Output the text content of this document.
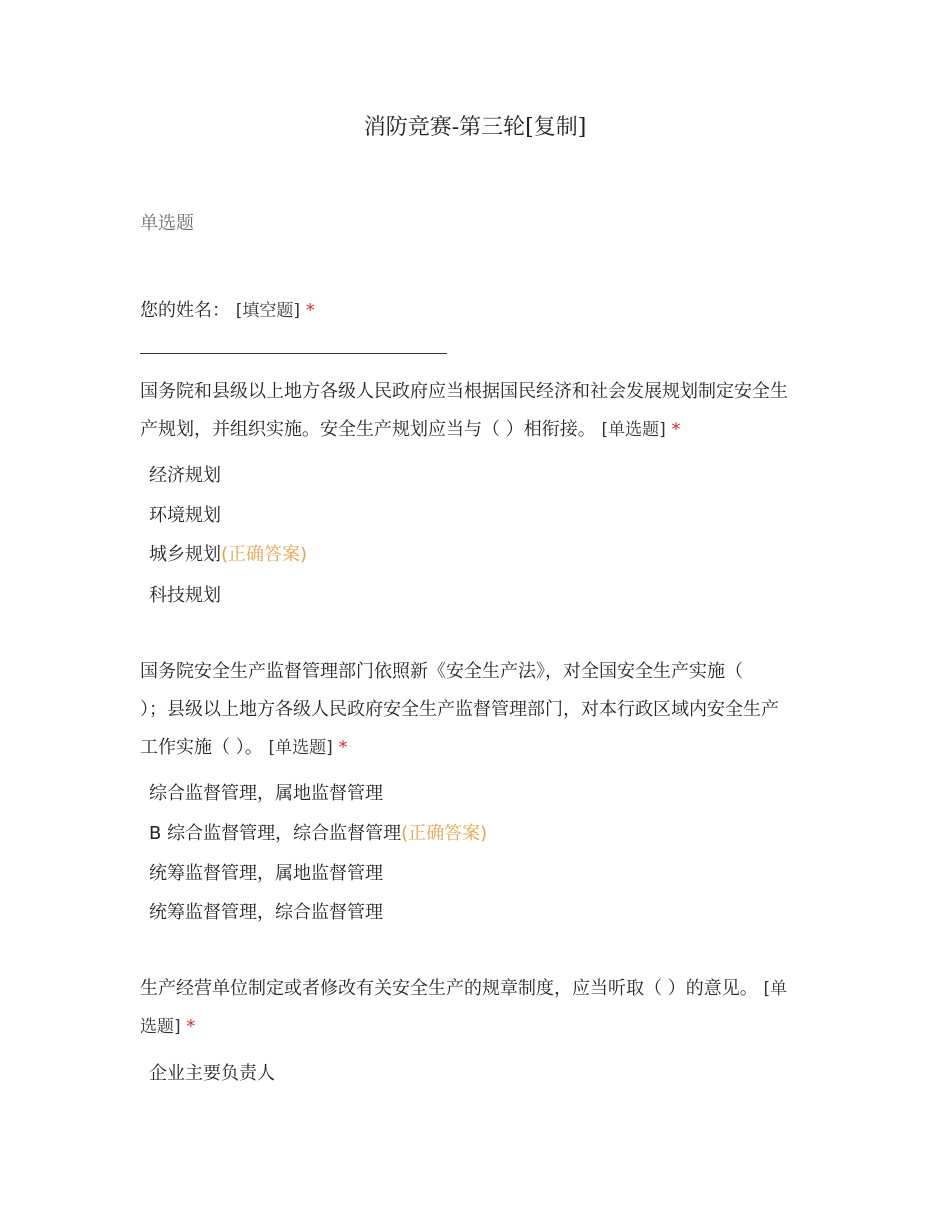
消防竞赛-第三轮[复制]
单选题
您的姓名： [填空题] *
国务院和县级以上地方各级人民政府应当根据国民经济和社会发展规划制定安全生
产规划，并组织实施。安全生产规划应当与（ ）相衔接。 [单选题] *
经济规划
环境规划
城乡规划(正确答案)
科技规划
国务院安全生产监督管理部门依照新《安全生产法》，对全国安全生产实施（
）；县级以上地方各级人民政府安全生产监督管理部门，对本行政区域内安全生产
工作实施（ ）。 [单选题] *
综合监督管理，属地监督管理
B 综合监督管理，综合监督管理(正确答案)
统筹监督管理，属地监督管理
统筹监督管理，综合监督管理
生产经营单位制定或者修改有关安全生产的规章制度，应当听取（ ）的意见。 [单
选题] *
企业主要负责人
